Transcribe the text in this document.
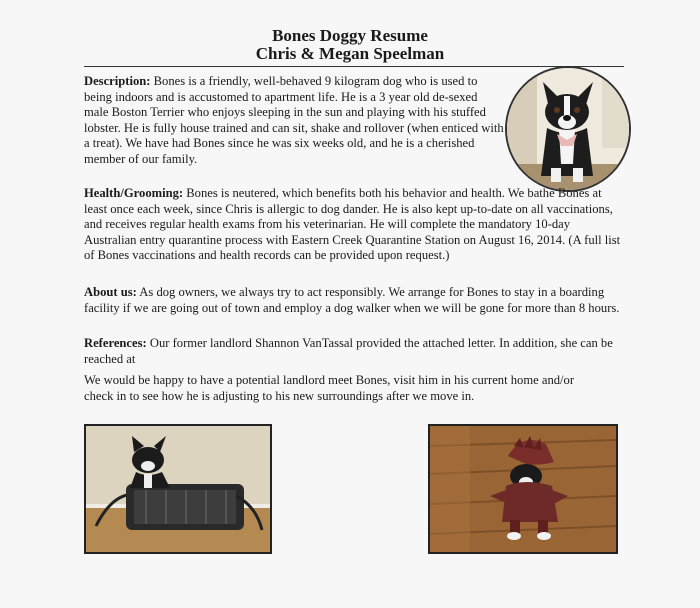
Bones Doggy Resume
Chris & Megan Speelman

Description: Bones is a friendly, well-behaved 9 kilogram dog who is used to being indoors and is accustomed to apartment life. He is a 3 year old de-sexed male Boston Terrier who enjoys sleeping in the sun and playing with his stuffed lobster. He is fully house trained and can sit, shake and rollover (when enticed with a treat). We have had Bones since he was six weeks old, and he is a cherished member of our family.

Health/Grooming: Bones is neutered, which benefits both his behavior and health. We bathe Bones at least once each week, since Chris is allergic to dog dander. He is also kept up-to-date on all vaccinations, and receives regular health exams from his veterinarian. He will complete the mandatory 10-day Australian entry quarantine process with Eastern Creek Quarantine Station on August 16, 2014. (A full list of Bones vaccinations and health records can be provided upon request.)

About us: As dog owners, we always try to act responsibly. We arrange for Bones to stay in a boarding facility if we are going out of town and employ a dog walker when we will be gone for more than 8 hours.

References: Our former landlord Shannon VanTassal provided the attached letter. In addition, she can be reached at

We would be happy to have a potential landlord meet Bones, visit him in his current home and/or check in to see how he is adjusting to his new surroundings after we move in.
